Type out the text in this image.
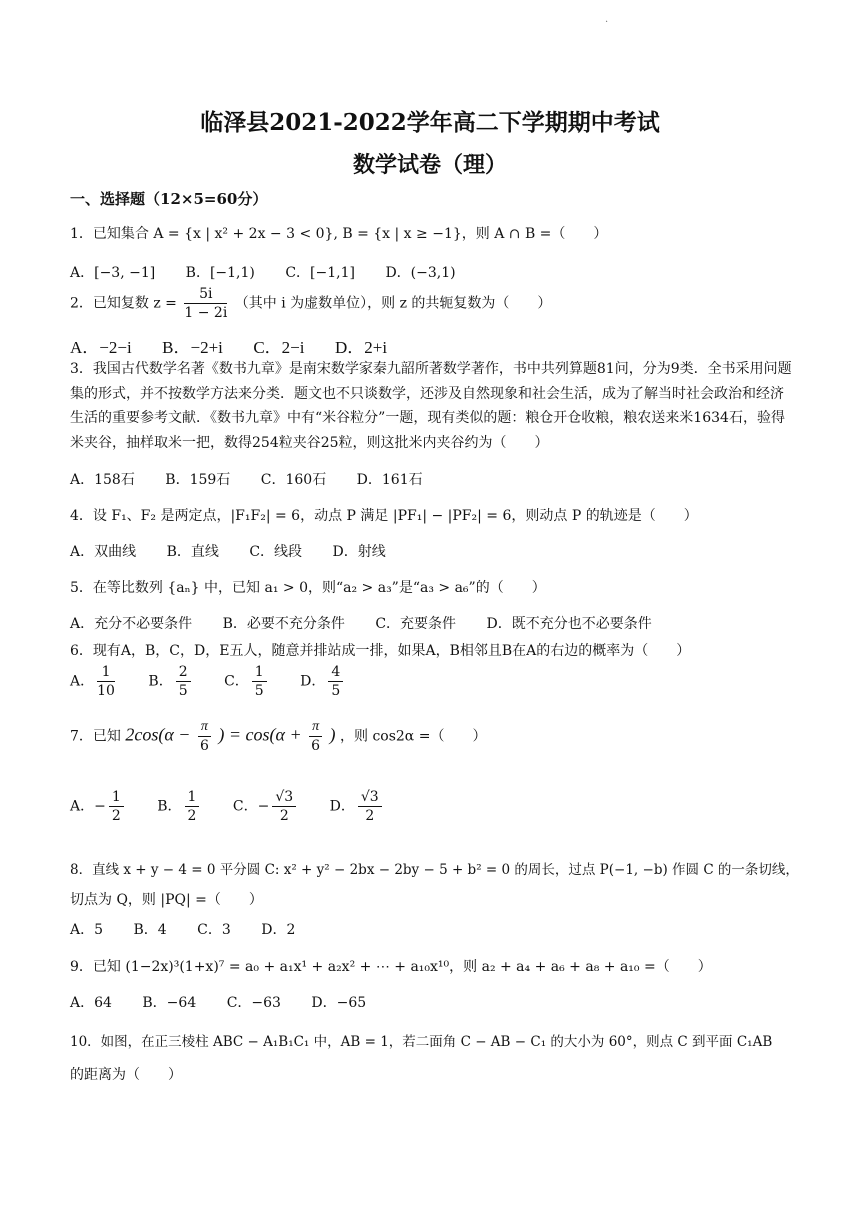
.
临泽县2021-2022学年高二下学期期中考试
数学试卷（理）
一、选择题（12×5=60分）
1．已知集合 A = {x | x² + 2x − 3 < 0}, B = {x | x ≥ −1}，则 A ∩ B =（　　）
A．[−3, −1] B．[−1,1) C．[−1,1] D．(−3,1)
2．已知复数 $z = \frac{5i}{1 - 2i}$ （其中 i 为虚数单位），则 z 的共轭复数为（　　）
A．−2−i B．−2+i C．2−i D．2+i
3．我国古代数学名著《数书九章》是南宋数学家秦九韶所著数学著作，书中共列算题81问，分为9类．全书采用问题集的形式，并不按数学方法来分类．题文也不只谈数学，还涉及自然现象和社会生活，成为了解当时社会政治和经济生活的重要参考文献．《数书九章》中有“米谷粒分”一题，现有类似的题：粮仓开仓收粮，粮农送来米1634石，验得米夹谷，抽样取米一把，数得254粒夹谷25粒，则这批米内夹谷约为（　　）
A．158石 B．159石 C．160石 D．161石
4．设 F₁、F₂ 是两定点，|F₁F₂| = 6，动点 P 满足 |PF₁| − |PF₂| = 6，则动点 P 的轨迹是（　　）
A．双曲线 B．直线 C．线段 D．射线
5．在等比数列 {aₙ} 中，已知 a₁ > 0，则“a₂ > a₃”是“a₃ > a₆”的（　　）
A．充分不必要条件 B．必要不充分条件 C．充要条件 D．既不充分也不必要条件
6．现有A，B，C，D，E五人，随意并排站成一排，如果A，B相邻且B在A的右边的概率为（　　）
A． $\frac{1}{10}$ B． $\frac{2}{5}$ C． $\frac{1}{5}$ D． $\frac{4}{5}$
7．已知 $2\cos(\alpha - \frac{\pi}{6}$ ) = $\cos(\alpha + \frac{\pi}{6}$ ) ，则 cos2α =（　　）
A．− $\frac{1}{2}$ B． $\frac{1}{2}$ C．− $\frac{√3}{2}$ D． $\frac{√3}{2}$
8．直线 x + y − 4 = 0 平分圆 C: x² + y² − 2bx − 2by − 5 + b² = 0 的周长，过点 P(−1, −b) 作圆 C 的一条切线，
切点为 Q，则 |PQ| =（　　）
A．5 B．4 C．3 D．2
9．已知 (1−2x)³(1+x)⁷ = a₀ + a₁x¹ + a₂x² + ⋯ + a₁₀x¹⁰，则 a₂ + a₄ + a₆ + a₈ + a₁₀ =（　　）
A．64 B．−64 C．−63 D．−65
10．如图，在正三棱柱 ABC − A₁B₁C₁ 中，AB = 1，若二面角 C − AB − C₁ 的大小为 60°，则点 C 到平面 C₁AB
的距离为（　　）
